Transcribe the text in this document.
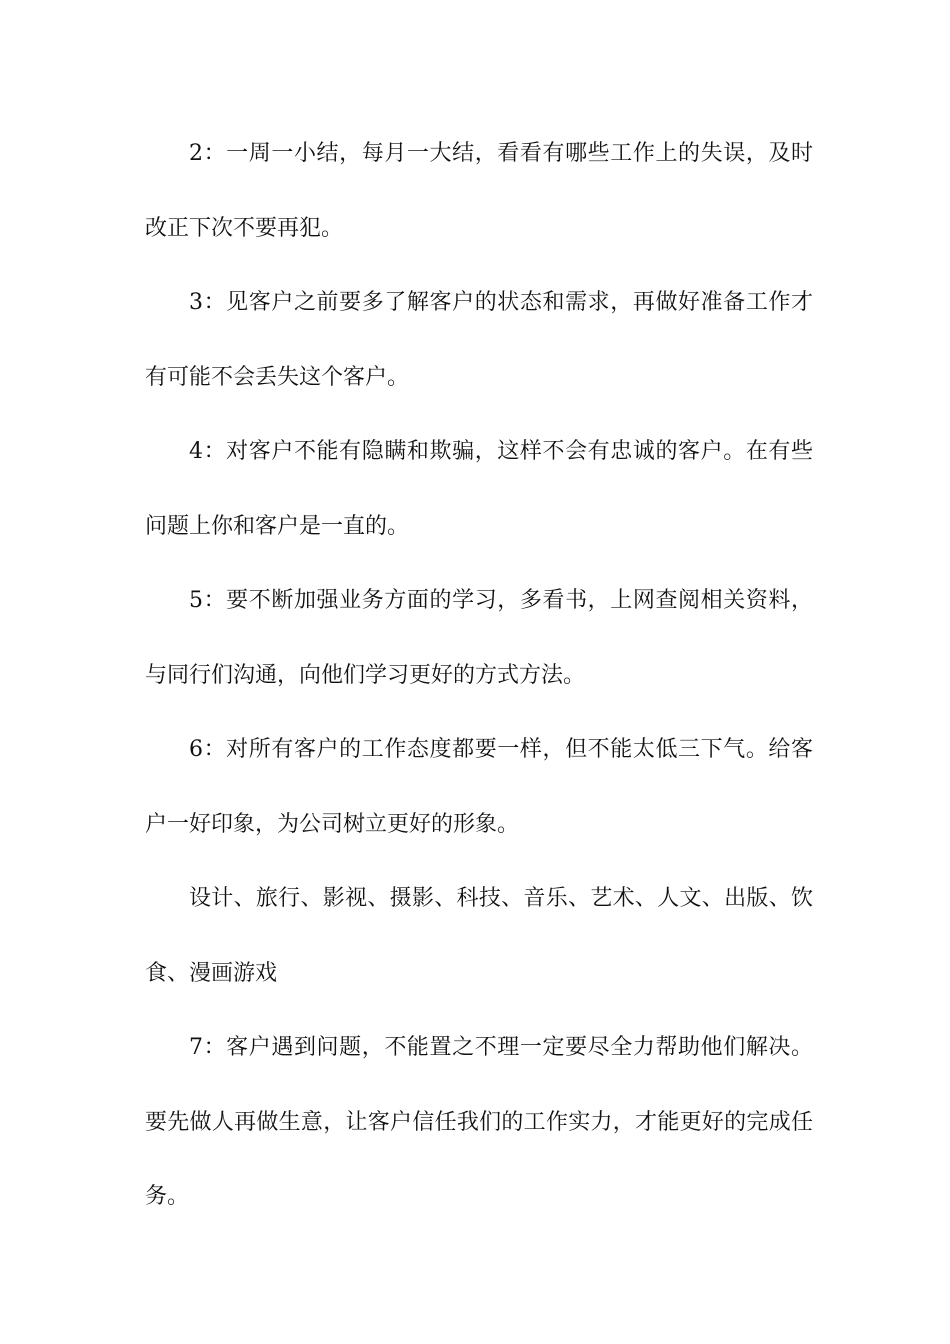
2：一周一小结，每月一大结，看看有哪些工作上的失误，及时改正下次不要再犯。

3：见客户之前要多了解客户的状态和需求，再做好准备工作才有可能不会丢失这个客户。

4：对客户不能有隐瞒和欺骗，这样不会有忠诚的客户。在有些问题上你和客户是一直的。

5：要不断加强业务方面的学习，多看书，上网查阅相关资料，与同行们沟通，向他们学习更好的方式方法。

6：对所有客户的工作态度都要一样，但不能太低三下气。给客户一好印象，为公司树立更好的形象。

设计、旅行、影视、摄影、科技、音乐、艺术、人文、出版、饮食、漫画游戏

7：客户遇到问题，不能置之不理一定要尽全力帮助他们解决。要先做人再做生意，让客户信任我们的工作实力，才能更好的完成任务。
